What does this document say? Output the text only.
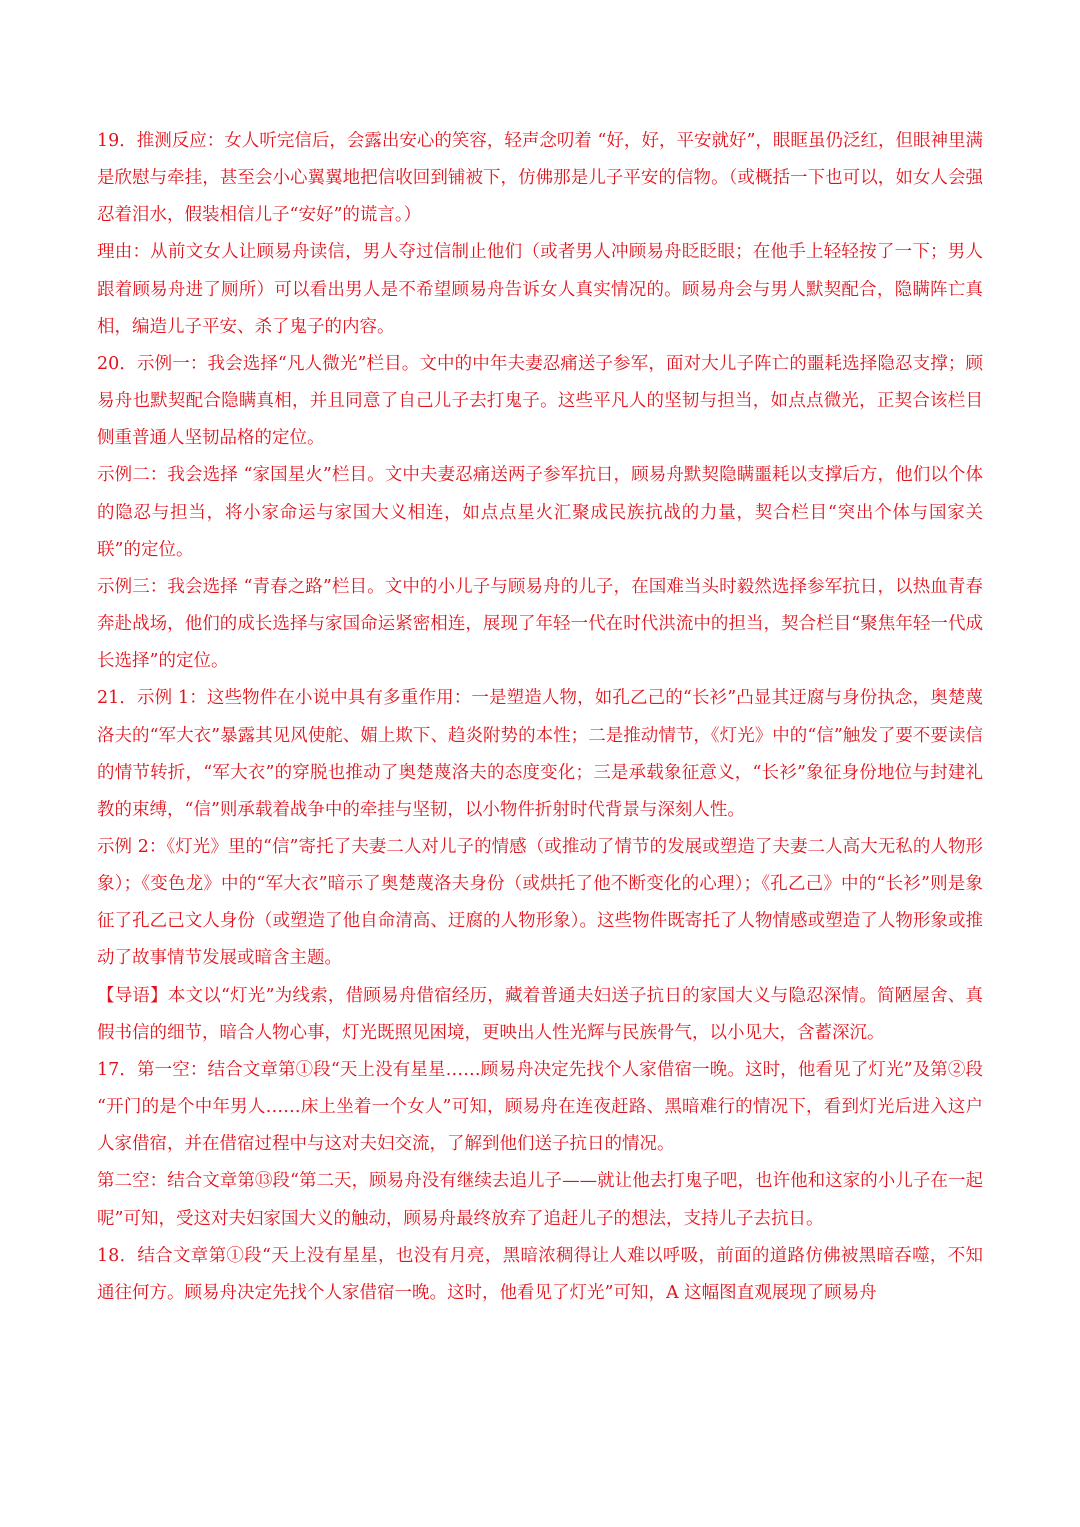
19．推测反应：女人听完信后，会露出安心的笑容，轻声念叨着 “好，好，平安就好”，眼眶虽仍泛红，但眼神里满是欣慰与牵挂，甚至会小心翼翼地把信收回到铺被下，仿佛那是儿子平安的信物。（或概括一下也可以，如女人会强忍着泪水，假装相信儿子“安好”的谎言。）

理由：从前文女人让顾易舟读信，男人夺过信制止他们（或者男人冲顾易舟眨眨眼；在他手上轻轻按了一下；男人跟着顾易舟进了厕所）可以看出男人是不希望顾易舟告诉女人真实情况的。顾易舟会与男人默契配合，隐瞒阵亡真相，编造儿子平安、杀了鬼子的内容。

20．示例一：我会选择“凡人微光”栏目。文中的中年夫妻忍痛送子参军，面对大儿子阵亡的噩耗选择隐忍支撑；顾易舟也默契配合隐瞒真相，并且同意了自己儿子去打鬼子。这些平凡人的坚韧与担当，如点点微光，正契合该栏目侧重普通人坚韧品格的定位。

示例二：我会选择 “家国星火”栏目。文中夫妻忍痛送两子参军抗日，顾易舟默契隐瞒噩耗以支撑后方，他们以个体的隐忍与担当，将小家命运与家国大义相连，如点点星火汇聚成民族抗战的力量，契合栏目“突出个体与国家关联”的定位。

示例三：我会选择 “青春之路”栏目。文中的小儿子与顾易舟的儿子，在国难当头时毅然选择参军抗日，以热血青春奔赴战场，他们的成长选择与家国命运紧密相连，展现了年轻一代在时代洪流中的担当，契合栏目“聚焦年轻一代成长选择”的定位。

21．示例 1：这些物件在小说中具有多重作用：一是塑造人物，如孔乙己的“长衫”凸显其迂腐与身份执念，奥楚蔑洛夫的“军大衣”暴露其见风使舵、媚上欺下、趋炎附势的本性；二是推动情节，《灯光》中的“信”触发了要不要读信的情节转折，“军大衣”的穿脱也推动了奥楚蔑洛夫的态度变化；三是承载象征意义，“长衫”象征身份地位与封建礼教的束缚，“信”则承载着战争中的牵挂与坚韧，以小物件折射时代背景与深刻人性。

示例 2：《灯光》里的“信”寄托了夫妻二人对儿子的情感（或推动了情节的发展或塑造了夫妻二人高大无私的人物形象）；《变色龙》中的“军大衣”暗示了奥楚蔑洛夫身份（或烘托了他不断变化的心理）；《孔乙己》中的“长衫”则是象征了孔乙己文人身份（或塑造了他自命清高、迂腐的人物形象）。这些物件既寄托了人物情感或塑造了人物形象或推动了故事情节发展或暗含主题。

【导语】本文以“灯光”为线索，借顾易舟借宿经历，藏着普通夫妇送子抗日的家国大义与隐忍深情。简陋屋舍、真假书信的细节，暗合人物心事，灯光既照见困境，更映出人性光辉与民族骨气，以小见大，含蓄深沉。

17．第一空：结合文章第①段“天上没有星星……顾易舟决定先找个人家借宿一晚。这时，他看见了灯光”及第②段 “开门的是个中年男人……床上坐着一个女人”可知，顾易舟在连夜赶路、黑暗难行的情况下，看到灯光后进入这户人家借宿，并在借宿过程中与这对夫妇交流，了解到他们送子抗日的情况。

第二空：结合文章第⑬段“第二天，顾易舟没有继续去追儿子——就让他去打鬼子吧，也许他和这家的小儿子在一起呢”可知，受这对夫妇家国大义的触动，顾易舟最终放弃了追赶儿子的想法，支持儿子去抗日。

18．结合文章第①段“天上没有星星，也没有月亮，黑暗浓稠得让人难以呼吸，前面的道路仿佛被黑暗吞噬，不知通往何方。顾易舟决定先找个人家借宿一晚。这时，他看见了灯光”可知，A 这幅图直观展现了顾易舟
